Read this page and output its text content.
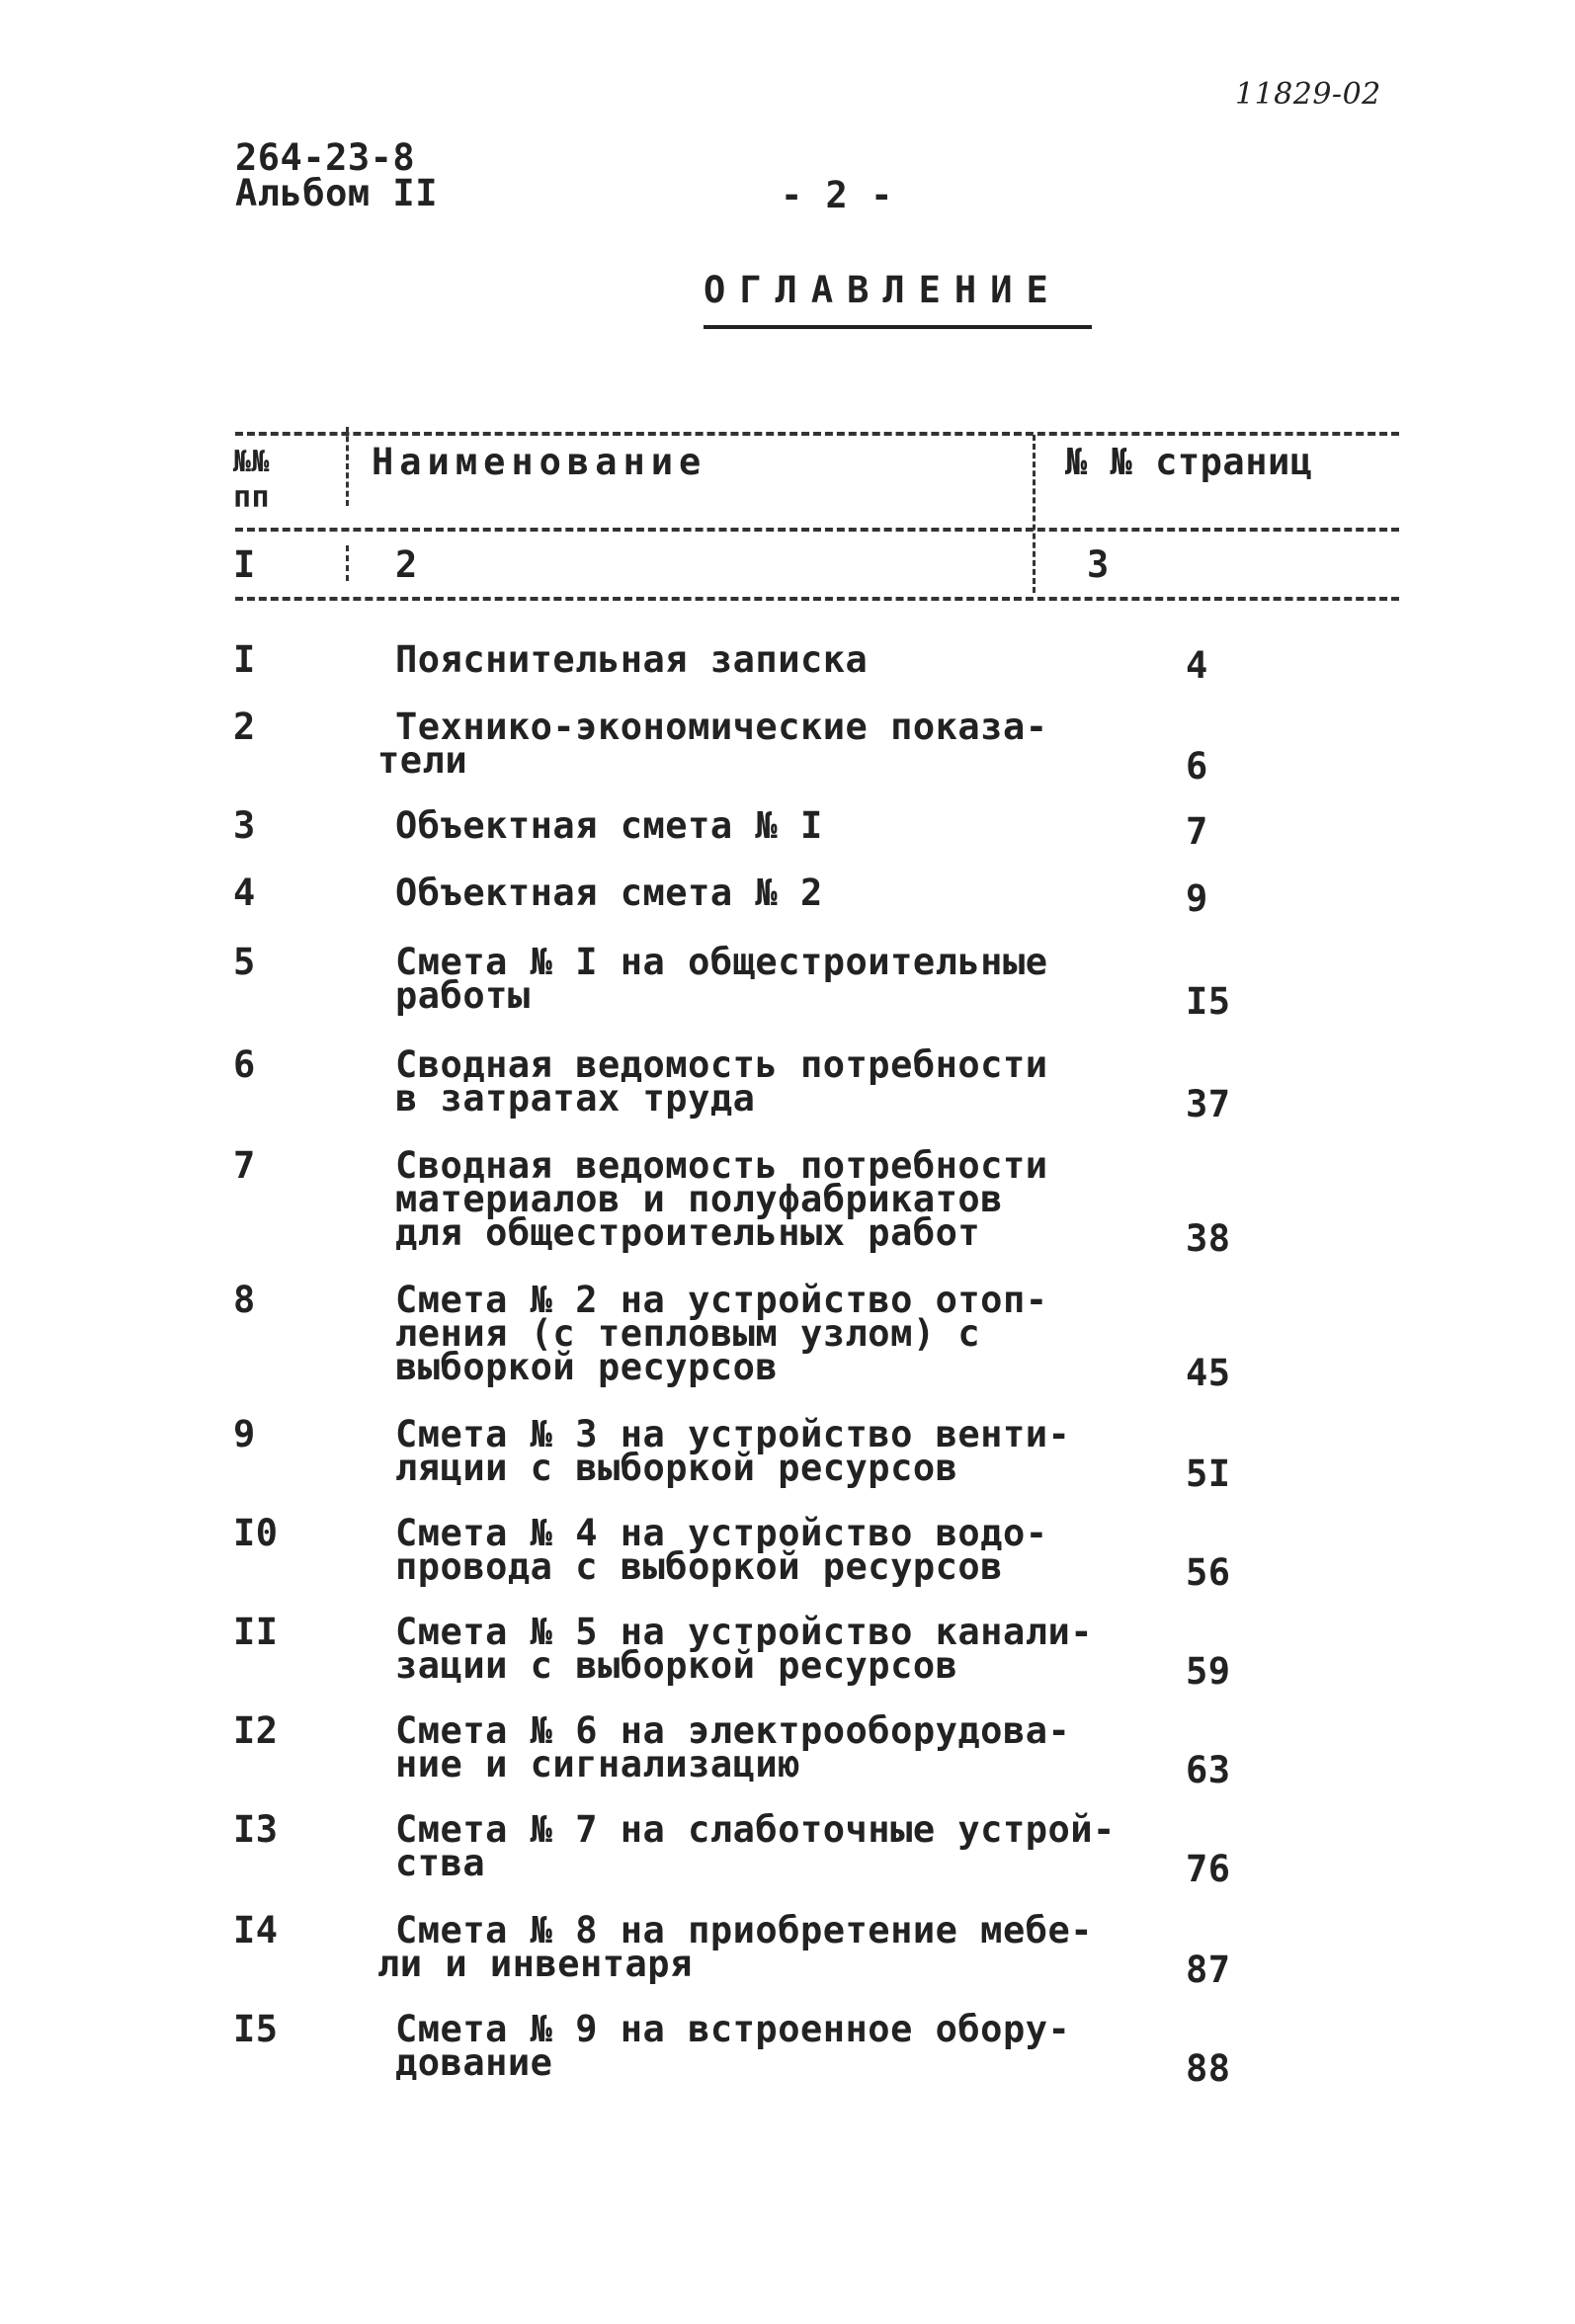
11829-02
264-23-8
Альбом II	- 2 -
ОГЛАВЛЕНИЕ
№№
пп
Наименование	№ № страниц
I	2	3
I	Пояснительная записка	4
2	Технико-экономические показа-
тели	6
3	Объектная смета № I	7
4	Объектная смета № 2	9
5	Смета № I на общестроительные
работы	I5
6	Сводная ведомость потребности
в затратах труда	37
7	Сводная ведомость потребности
материалов и полуфабрикатов
для общестроительных работ	38
8	Смета № 2 на устройство отоп-
ления (с тепловым узлом) с
выборкой ресурсов	45
9	Смета № 3 на устройство венти-
ляции с выборкой ресурсов	5I
I0	Смета № 4 на устройство водо-
провода с выборкой ресурсов	56
II	Смета № 5 на устройство канали-
зации с выборкой ресурсов	59
I2	Смета № 6 на электрооборудова-
ние и сигнализацию	63
I3	Смета № 7 на слаботочные устрой-
ства	76
I4	Смета № 8 на приобретение мебе-
ли и инвентаря	87
I5	Смета № 9 на встроенное обору-
дование	88
